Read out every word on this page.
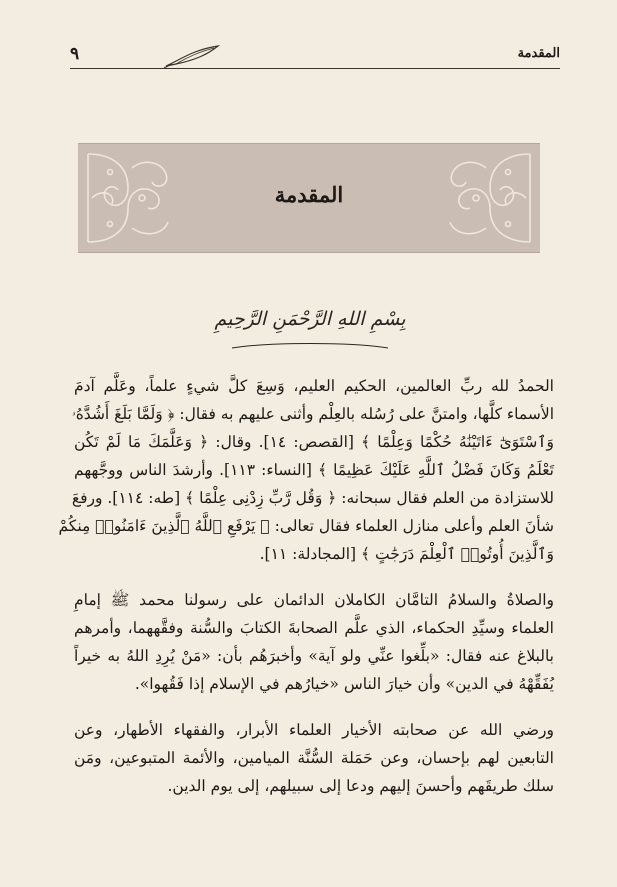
المقدمة
٩
المقدمة
بِسْمِ اللهِ الرَّحْمَنِ الرَّحِيمِ

الحمدُ لله ربِّ العالمين، الحكيم العليم، وَسِعَ كلَّ شيءٍ علماً، وعَلَّم آدمَ
الأسماء كلَّها، وامتنَّ على رُسُله بالعِلْم وأثنى عليهم به فقال: ﴿ وَلَمَّا بَلَغَ أَشُدَّهُۥ
وَٱسْتَوَىٰٓ ءَاتَيْنَٰهُ حُكْمًا وَعِلْمًا ﴾ [القصص: ١٤]. وقال: ﴿ وَعَلَّمَكَ مَا لَمْ تَكُن
تَعْلَمُ وَكَانَ فَضْلُ ٱللَّهِ عَلَيْكَ عَظِيمًا ﴾ [النساء: ١١٣]. وأرشدَ الناس ووجَّههم
للاستزادة من العلم فقال سبحانه: ﴿ وَقُل رَّبِّ زِدْنِى عِلْمًا ﴾ [طه: ١١٤]. ورفعَ
شأنَ العلم وأعلى منازل العلماء فقال تعالى: ﴿ يَرْفَعِ ٱللَّهُ ٱلَّذِينَ ءَامَنُوا۟ مِنكُمْ
وَٱلَّذِينَ أُوتُوا۟ ٱلْعِلْمَ دَرَجَٰتٍ ﴾ [المجادلة: ١١].

والصلاةُ والسلامُ التامَّان الكاملان الدائمان على رسولنا محمد ﷺ إمامِ
العلماء وسيِّدِ الحكماء، الذي علَّم الصحابةَ الكتابَ والسُّنة وفقَّههما، وأمرهم
بالبلاغ عنه فقال: «بلِّغوا عنِّي ولو آية» وأخبرَهُم بأن: «مَنْ يُرِدِ اللهُ به خيراً
يُفَقِّهْهُ في الدين» وأن خيارَ الناس «خيارُهم في الإسلام إذا فَقُهوا».

ورضي الله عن صحابته الأخيار العلماء الأبرار، والفقهاء الأطهار، وعن
التابعين لهم بإحسان، وعن حَمَلة السُّنَّة الميامين، والأئمة المتبوعين، ومَن
سلك طريقَهم وأحسنَ إليهم ودعا إلى سبيلهم، إلى يوم الدين.
